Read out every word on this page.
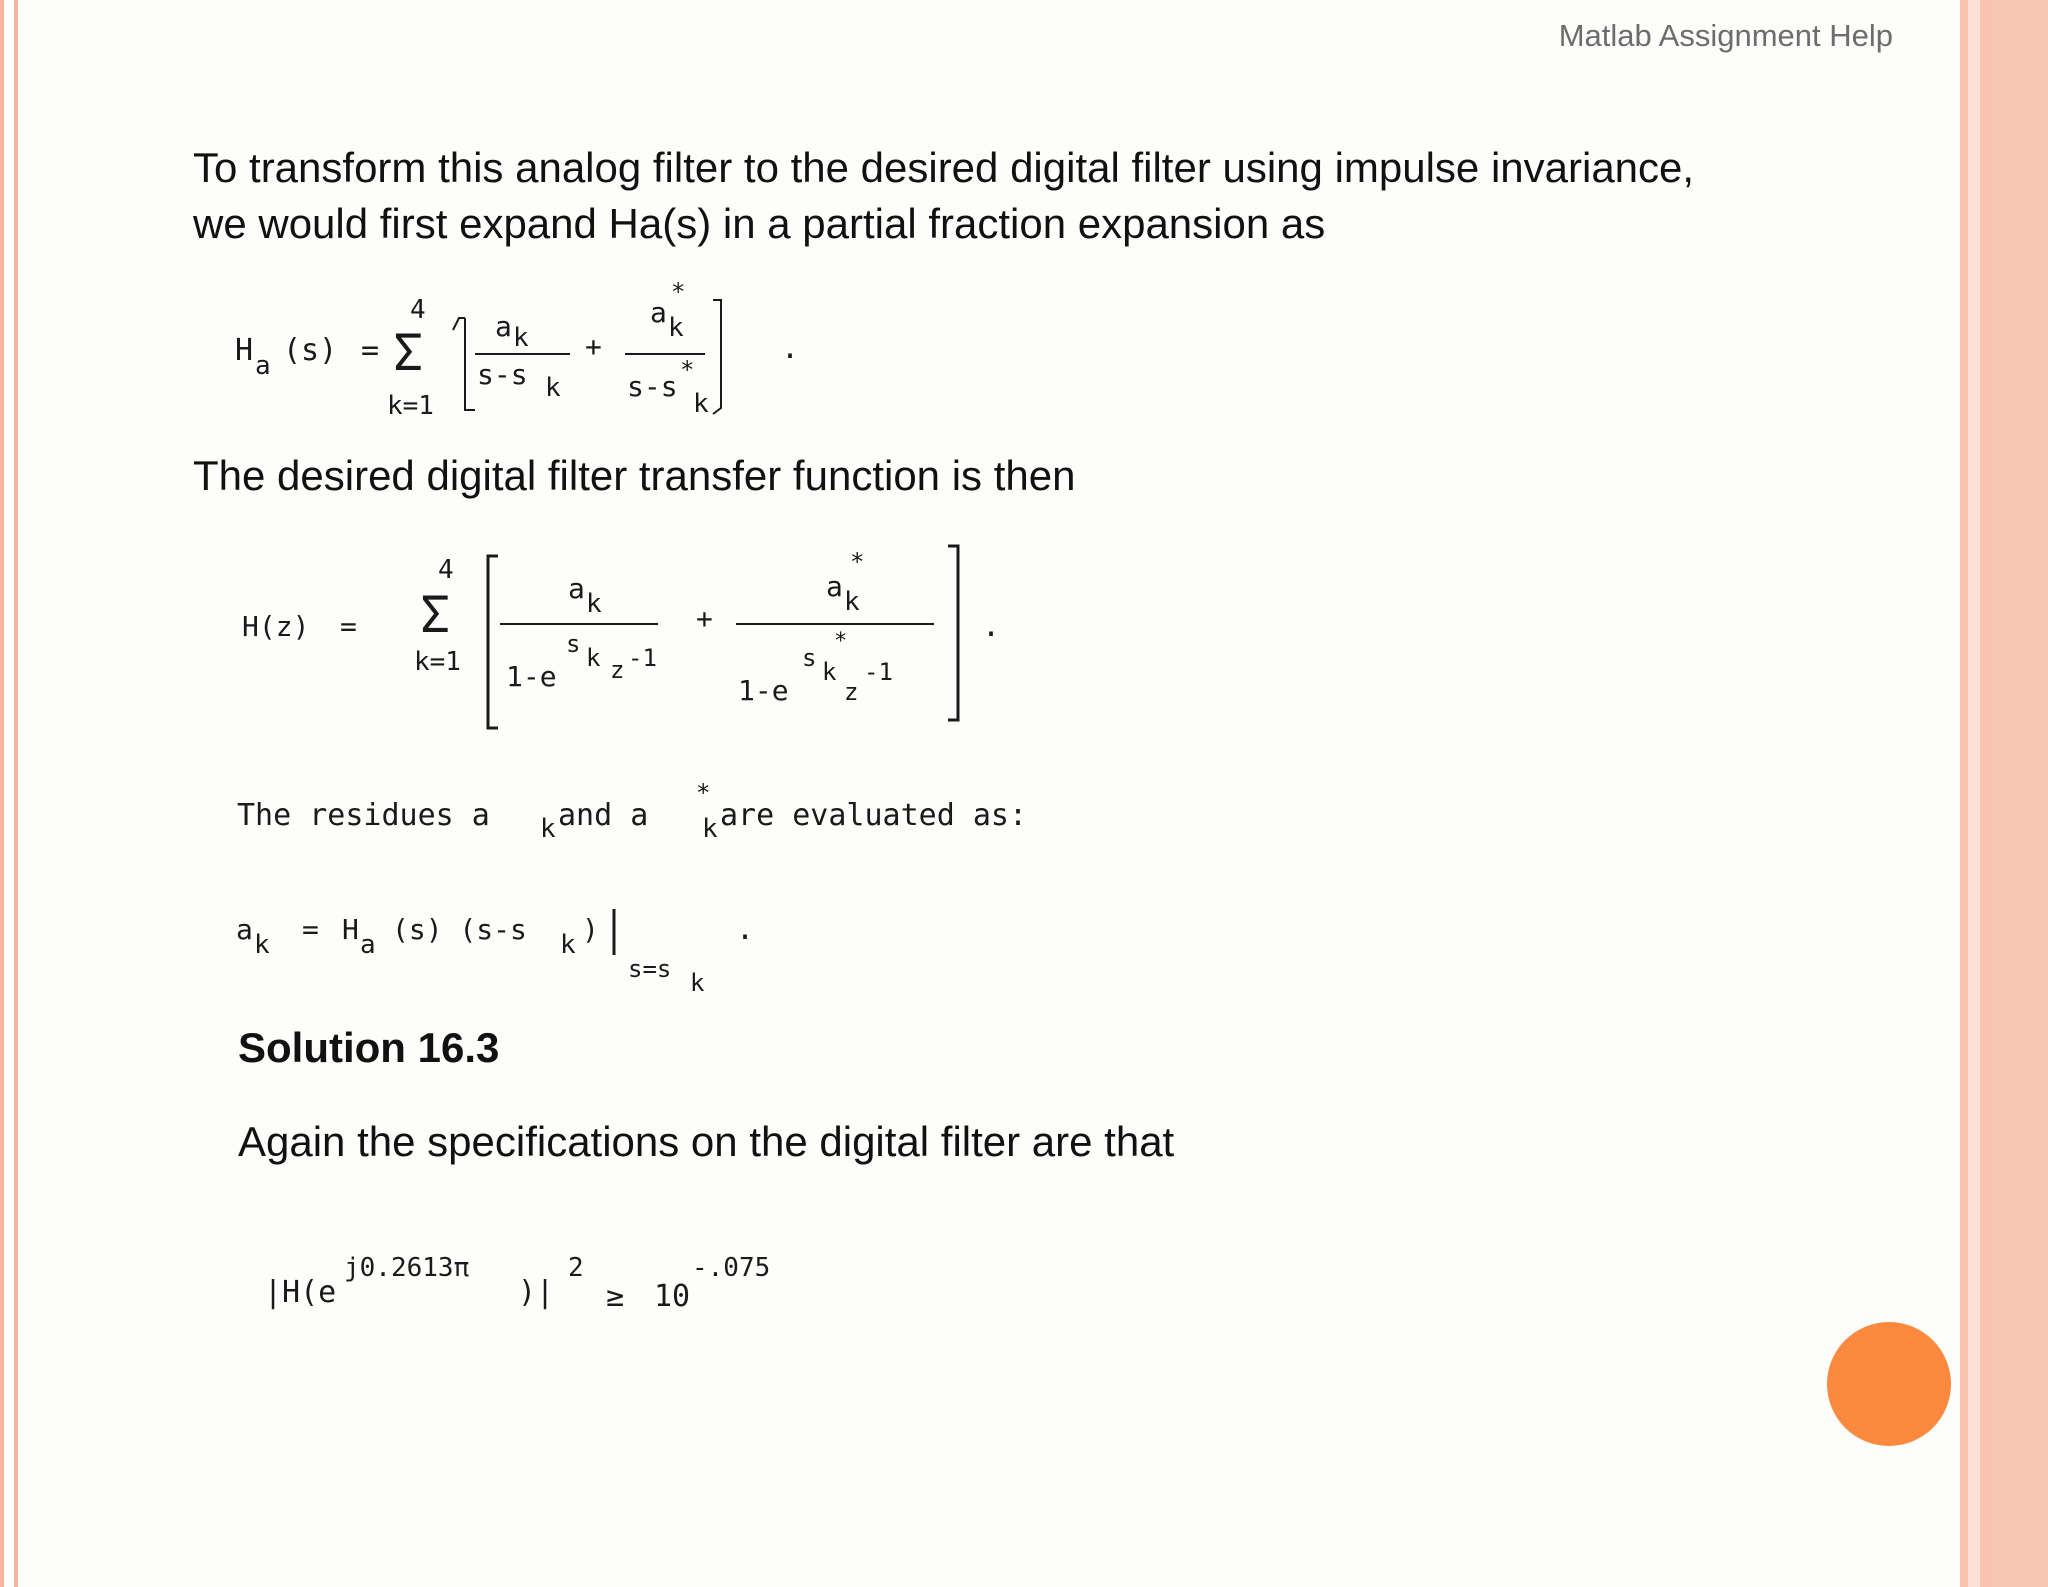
Matlab Assignment Help

To transform this analog filter to the desired digital filter using impulse invariance,

we would first expand Ha(s) in a partial fraction expansion as

H a (s) =
4
Σ
k=1
a k
s-s k
+
*
a k
*
s-s
k
.

The desired digital filter transfer function is then

H(z) =
4
Σ
k=1
a k
1-e
s k z -1
+
*
a k
*
1-e
s k
z
-1
.
The residues a k and a
*
k are evaluated as:
a k = H a (s) (s-s k )
s=s k
.

Solution 16.3

Again the specifications on the digital filter are that

|H(e
j0.2613π
)|
2
≥ 10
-.075
